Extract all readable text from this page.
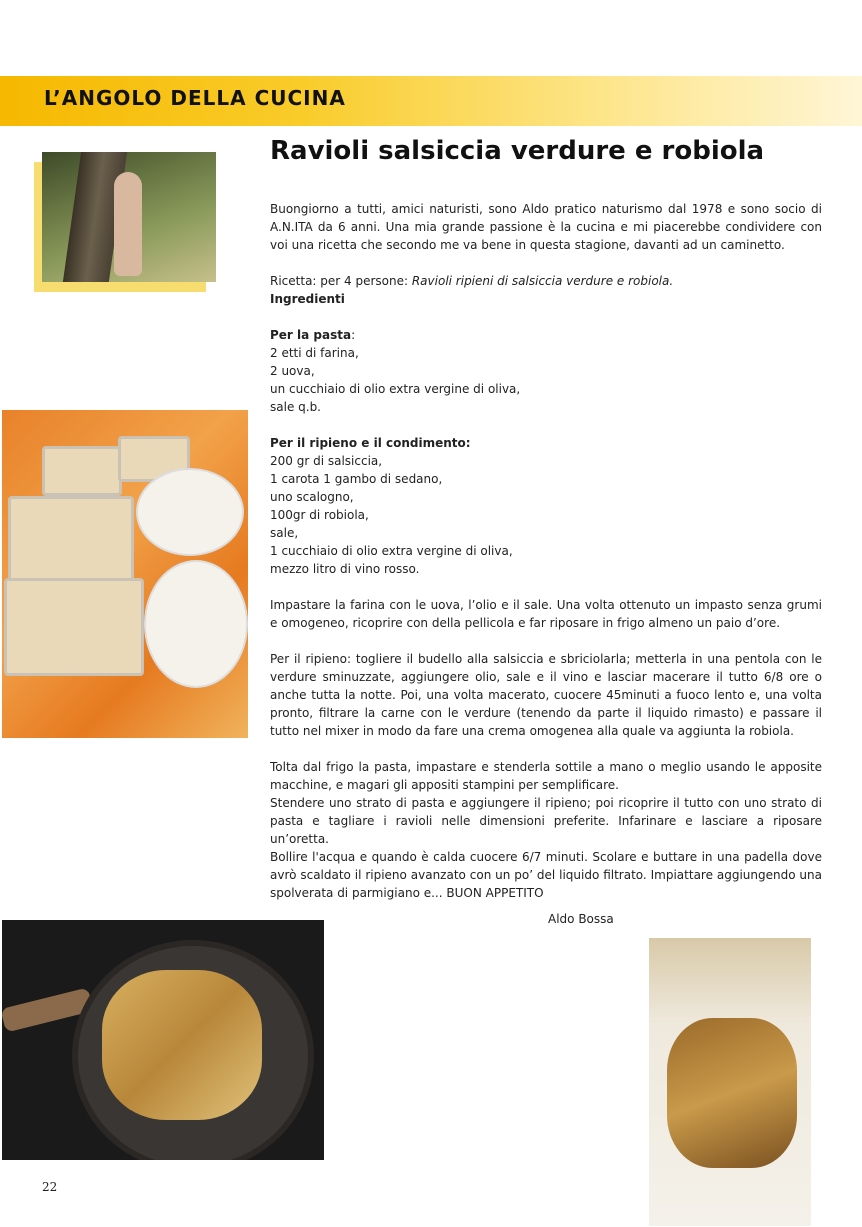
L’ANGOLO DELLA CUCINA
Ravioli salsiccia verdure e robiola

Buongiorno a tutti, amici naturisti, sono Aldo pratico naturismo dal 1978 e sono socio di A.N.ITA da 6 anni. Una mia grande passione è la cucina e mi piacerebbe condividere con voi una ricetta che secondo me va bene in questa stagione, davanti ad un caminetto.

Ricetta: per 4 persone: Ravioli ripieni di salsiccia verdure e robiola.

Ingredienti

Per la pasta:

2 etti di farina,
2 uova,
un cucchiaio di olio extra vergine di oliva,
sale q.b.

Per il ripieno e il condimento:

200 gr di salsiccia,
1 carota 1 gambo di sedano,
uno scalogno,
100gr di robiola,
sale,
1 cucchiaio di olio extra vergine di oliva,
mezzo litro di vino rosso.

Impastare la farina con le uova, l’olio e il sale. Una volta ottenuto un impasto senza grumi e omogeneo, ricoprire con della pellicola e far riposare in frigo almeno un paio d’ore.

Per il ripieno: togliere il budello alla salsiccia e sbriciolarla; metterla in una pentola con le verdure sminuzzate, aggiungere olio, sale e il vino e lasciar macerare il tutto 6/8 ore o anche tutta la notte. Poi, una volta macerato, cuocere 45minuti a fuoco lento e, una volta pronto, filtrare la carne con le verdure (tenendo da parte il liquido rimasto) e passare il tutto nel mixer in modo da fare una crema omogenea alla quale va aggiunta la robiola.

Tolta dal frigo la pasta, impastare e stenderla sottile a mano o meglio usando le apposite macchine, e magari gli appositi stampini per semplificare.

Stendere uno strato di pasta e aggiungere il ripieno; poi ricoprire il tutto con uno strato di pasta e tagliare i ravioli nelle dimensioni preferite. Infarinare e lasciare a riposare un’oretta.

Bollire l'acqua e quando è calda cuocere 6/7 minuti. Scolare e buttare in una padella dove avrò scaldato il ripieno avanzato con un po’ del liquido filtrato. Impiattare aggiungendo una spolverata di parmigiano e... BUON APPETITO

Aldo Bossa
22
